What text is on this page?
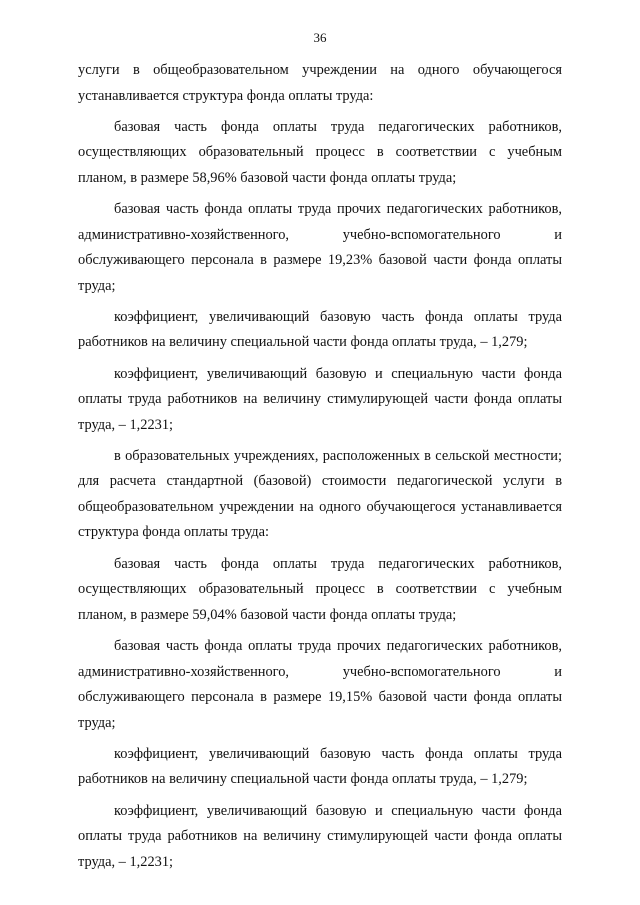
36

услуги в общеобразовательном учреждении на одного обучающегося устанавливается структура фонда оплаты труда:

базовая часть фонда оплаты труда педагогических работников, осуществляющих образовательный процесс в соответствии с учебным планом, в размере 58,96% базовой части фонда оплаты труда;

базовая часть фонда оплаты труда прочих педагогических работников, административно-хозяйственного, учебно-вспомогательного и обслуживающего персонала в размере 19,23% базовой части фонда оплаты труда;

коэффициент, увеличивающий базовую часть фонда оплаты труда работников на величину специальной части фонда оплаты труда, – 1,279;

коэффициент, увеличивающий базовую и специальную части фонда оплаты труда работников на величину стимулирующей части фонда оплаты труда, – 1,2231;

в образовательных учреждениях, расположенных в сельской местности; для расчета стандартной (базовой) стоимости педагогической услуги в общеобразовательном учреждении на одного обучающегося устанавливается структура фонда оплаты труда:

базовая часть фонда оплаты труда педагогических работников, осуществляющих образовательный процесс в соответствии с учебным планом, в размере 59,04% базовой части фонда оплаты труда;

базовая часть фонда оплаты труда прочих педагогических работников, административно-хозяйственного, учебно-вспомогательного и обслуживающего персонала в размере 19,15% базовой части фонда оплаты труда;

коэффициент, увеличивающий базовую часть фонда оплаты труда работников на величину специальной части фонда оплаты труда, – 1,279;

коэффициент, увеличивающий базовую и специальную части фонда оплаты труда работников на величину стимулирующей части фонда оплаты труда, – 1,2231;
